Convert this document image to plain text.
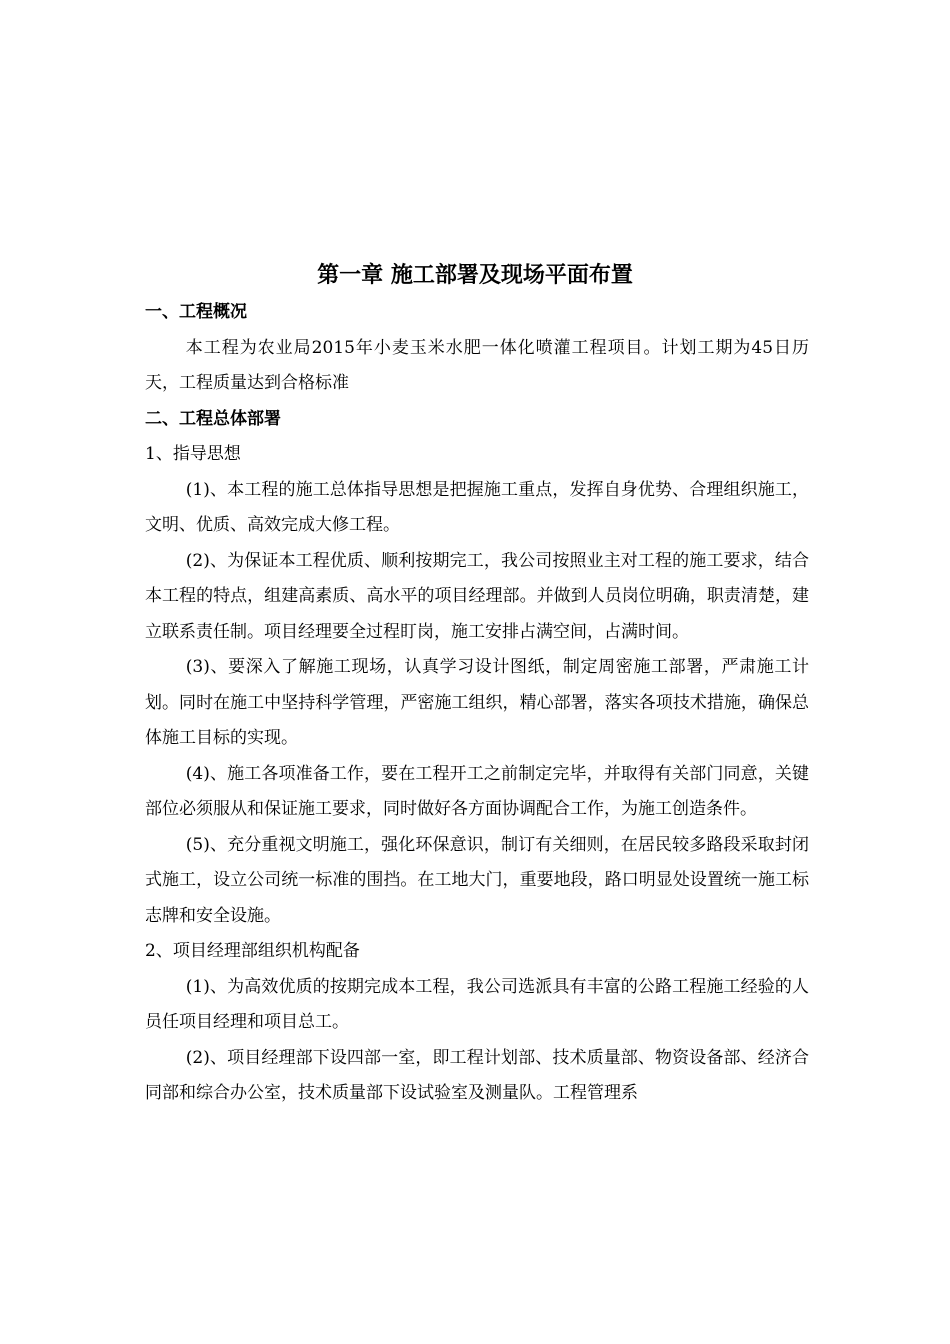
第一章 施工部署及现场平面布置

一、工程概况

本工程为农业局2015年小麦玉米水肥一体化喷灌工程项目。计划工期为45日历天，工程质量达到合格标准

二、工程总体部署

1、指导思想

(1)、本工程的施工总体指导思想是把握施工重点，发挥自身优势、合理组织施工，文明、优质、高效完成大修工程。

(2)、为保证本工程优质、顺利按期完工，我公司按照业主对工程的施工要求，结合本工程的特点，组建高素质、高水平的项目经理部。并做到人员岗位明确，职责清楚，建立联系责任制。项目经理要全过程盯岗，施工安排占满空间，占满时间。

(3)、要深入了解施工现场，认真学习设计图纸，制定周密施工部署，严肃施工计划。同时在施工中坚持科学管理，严密施工组织，精心部署，落实各项技术措施，确保总体施工目标的实现。

(4)、施工各项准备工作，要在工程开工之前制定完毕，并取得有关部门同意，关键部位必须服从和保证施工要求，同时做好各方面协调配合工作，为施工创造条件。

(5)、充分重视文明施工，强化环保意识，制订有关细则，在居民较多路段采取封闭式施工，设立公司统一标准的围挡。在工地大门，重要地段，路口明显处设置统一施工标志牌和安全设施。

2、项目经理部组织机构配备

(1)、为高效优质的按期完成本工程，我公司选派具有丰富的公路工程施工经验的人员任项目经理和项目总工。

(2)、项目经理部下设四部一室，即工程计划部、技术质量部、物资设备部、经济合同部和综合办公室，技术质量部下设试验室及测量队。工程管理系
